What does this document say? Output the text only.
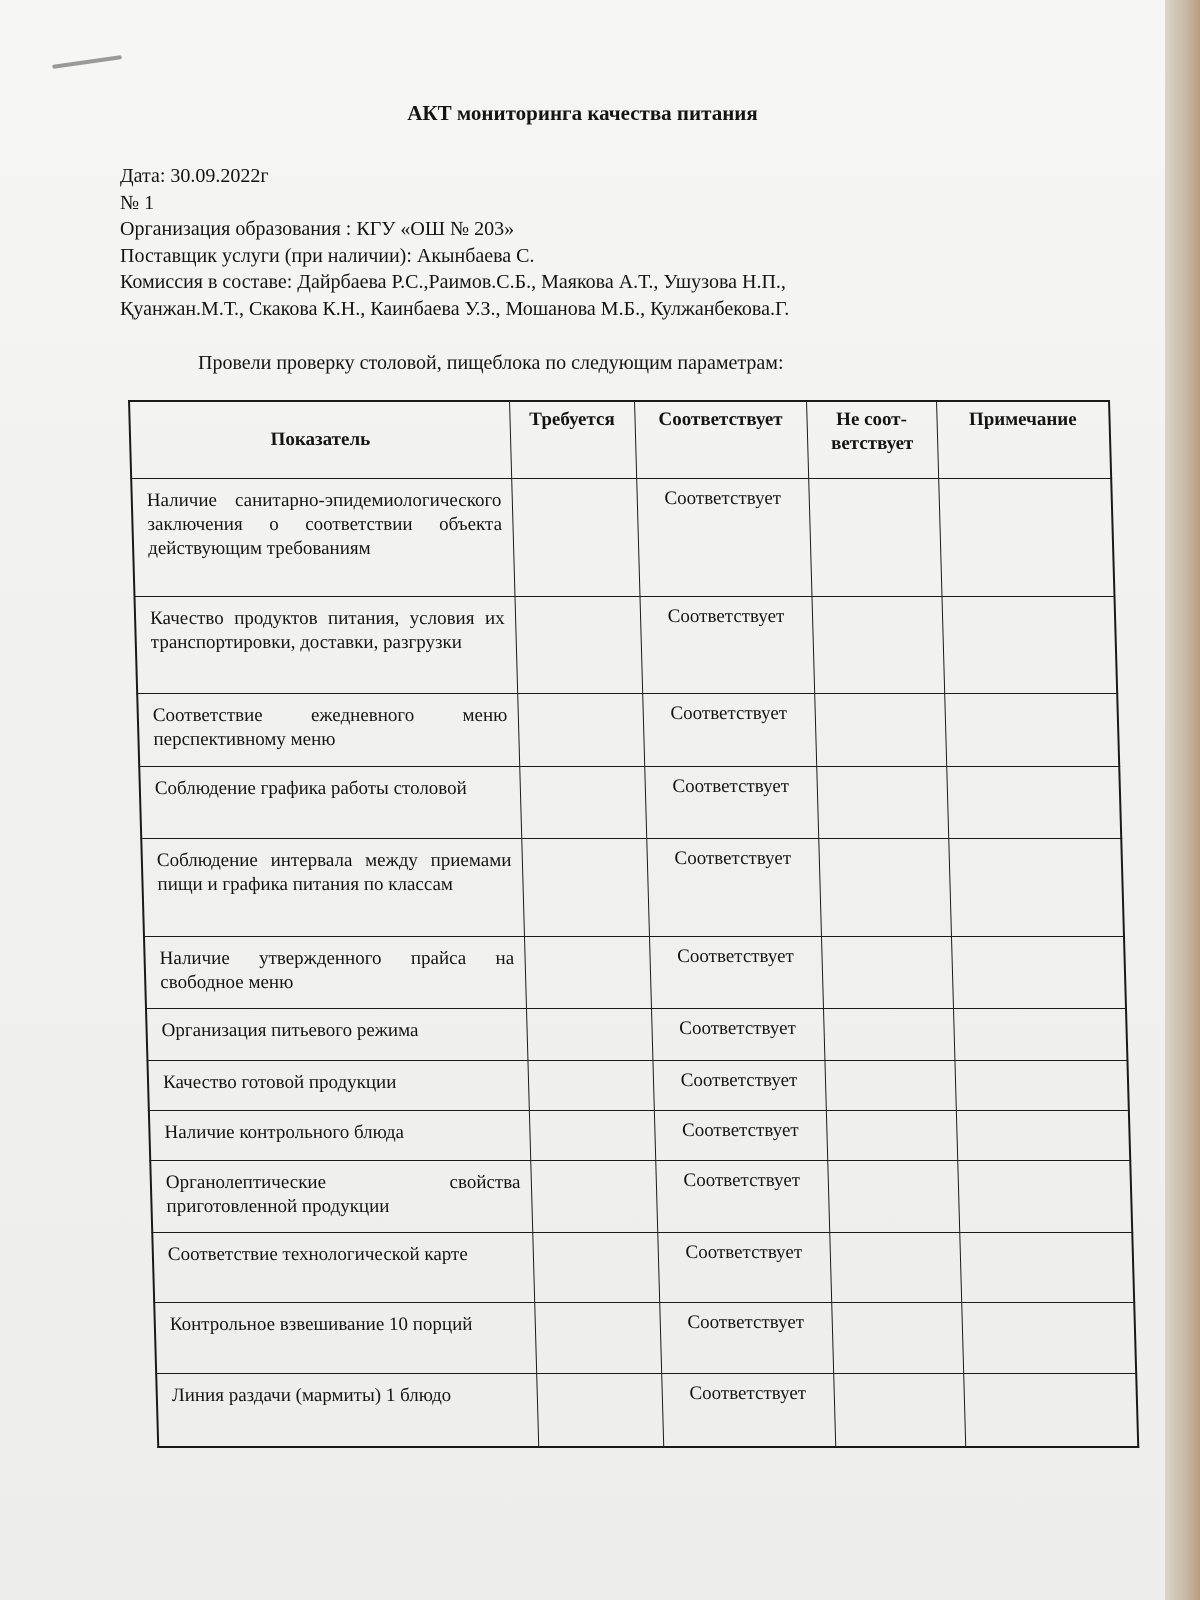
АКТ мониторинга качества питания
Дата: 30.09.2022г
№ 1
Организация образования : КГУ «ОШ № 203»
Поставщик услуги (при наличии): Акынбаева С.
Комиссия в составе: Дайрбаева Р.С.,Раимов.С.Б., Маякова А.Т., Ушузова Н.П.,
Қуанжан.М.Т., Скакова К.Н., Каинбаева У.З., Мошанова М.Б., Кулжанбекова.Г.
Провели проверку столовой, пищеблока по следующим параметрам:
Показатель	Требуется	Соответствует	Не соот-ветствует	Примечание
Наличие санитарно-эпидемиологического заключения о соответствии объекта действующим требованиям		Соответствует		
Качество продуктов питания, условия их транспортировки, доставки, разгрузки		Соответствует		
Соответствие ежедневного меню перспективному меню		Соответствует		
Соблюдение графика работы столовой		Соответствует		
Соблюдение интервала между приемами пищи и графика питания по классам		Соответствует		
Наличие утвержденного прайса на свободное меню		Соответствует		
Организация питьевого режима		Соответствует		
Качество готовой продукции		Соответствует		
Наличие контрольного блюда		Соответствует		
Органолептические свойства приготовленной продукции		Соответствует		
Соответствие технологической карте		Соответствует		
Контрольное взвешивание 10 порций		Соответствует		
Линия раздачи (мармиты) 1 блюдо		Соответствует		
